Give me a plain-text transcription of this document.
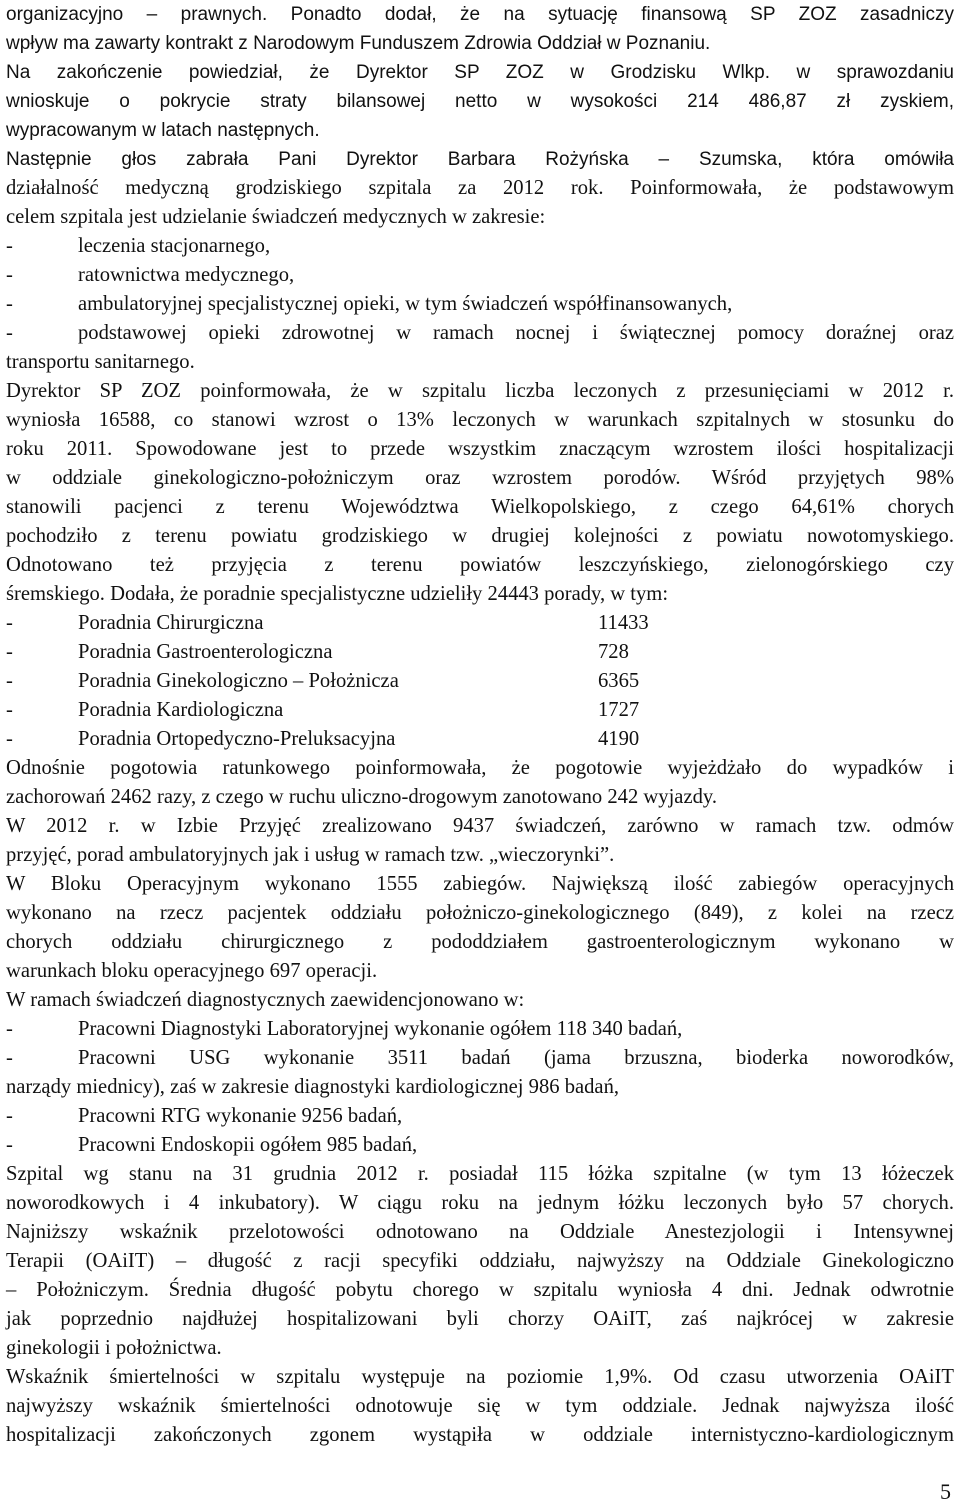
organizacyjno – prawnych. Ponadto dodał, że na sytuację finansową SP ZOZ zasadniczy
wpływ ma zawarty kontrakt z Narodowym Funduszem Zdrowia Oddział w Poznaniu.
Na zakończenie powiedział, że Dyrektor SP ZOZ w Grodzisku Wlkp. w sprawozdaniu
wnioskuje o pokrycie straty bilansowej netto w wysokości 214 486,87 zł zyskiem,
wypracowanym w latach następnych.
Następnie głos zabrała Pani Dyrektor Barbara Rożyńska – Szumska, która omówiła
działalność medyczną grodziskiego szpitala za 2012 rok. Poinformowała, że podstawowym
celem szpitala jest udzielanie świadczeń medycznych w zakresie:
-	leczenia stacjonarnego,
-	ratownictwa medycznego,
-	ambulatoryjnej specjalistycznej opieki, w tym świadczeń współfinansowanych,
-	podstawowej opieki zdrowotnej w ramach nocnej i świątecznej pomocy doraźnej oraz
transportu sanitarnego.
Dyrektor SP ZOZ poinformowała, że w szpitalu liczba leczonych z przesunięciami w 2012 r.
wyniosła 16588, co stanowi wzrost o 13% leczonych w warunkach szpitalnych w stosunku do
roku 2011. Spowodowane jest to przede wszystkim znaczącym wzrostem ilości hospitalizacji
w oddziale ginekologiczno-położniczym oraz wzrostem porodów. Wśród przyjętych 98%
stanowili pacjenci z terenu Województwa Wielkopolskiego, z czego 64,61% chorych
pochodziło z terenu powiatu grodziskiego w drugiej kolejności z powiatu nowotomyskiego.
Odnotowano też przyjęcia z terenu powiatów leszczyńskiego, zielonogórskiego czy
śremskiego. Dodała, że poradnie specjalistyczne udzieliły 24443 porady, w tym:
-	Poradnia Chirurgiczna	11433
-	Poradnia Gastroenterologiczna	728
-	Poradnia Ginekologiczno – Położnicza	6365
-	Poradnia Kardiologiczna	1727
-	Poradnia Ortopedyczno-Preluksacyjna	4190
Odnośnie pogotowia ratunkowego poinformowała, że pogotowie wyjeżdżało do wypadków i
zachorowań 2462 razy, z czego w ruchu uliczno-drogowym zanotowano 242 wyjazdy.
W 2012 r. w Izbie Przyjęć zrealizowano 9437 świadczeń, zarówno w ramach tzw. odmów
przyjęć, porad ambulatoryjnych jak i usług w ramach tzw. „wieczorynki”.
W Bloku Operacyjnym wykonano 1555 zabiegów. Największą ilość zabiegów operacyjnych
wykonano na rzecz pacjentek oddziału położniczo-ginekologicznego (849), z kolei na rzecz
chorych oddziału chirurgicznego z pododdziałem gastroenterologicznym wykonano w
warunkach bloku operacyjnego 697 operacji.
W ramach świadczeń diagnostycznych zaewidencjonowano w:
-	Pracowni Diagnostyki Laboratoryjnej wykonanie ogółem 118 340 badań,
-	Pracowni USG wykonanie 3511 badań (jama brzuszna, bioderka noworodków,
narządy miednicy), zaś w zakresie diagnostyki kardiologicznej 986 badań,
-	Pracowni RTG wykonanie 9256 badań,
-	Pracowni Endoskopii ogółem 985 badań,
Szpital wg stanu na 31 grudnia 2012 r. posiadał 115 łóżka szpitalne (w tym 13 łóżeczek
noworodkowych i 4 inkubatory). W ciągu roku na jednym łóżku leczonych było 57 chorych.
Najniższy wskaźnik przelotowości odnotowano na Oddziale Anestezjologii i Intensywnej
Terapii (OAiIT) – długość z racji specyfiki oddziału, najwyższy na Oddziale Ginekologiczno
– Położniczym. Średnia długość pobytu chorego w szpitalu wyniosła 4 dni. Jednak odwrotnie
jak poprzednio najdłużej hospitalizowani byli chorzy OAiIT, zaś najkrócej w zakresie
ginekologii i położnictwa.
Wskaźnik śmiertelności w szpitalu występuje na poziomie 1,9%. Od czasu utworzenia OAiIT
najwyższy wskaźnik śmiertelności odnotowuje się w tym oddziale. Jednak najwyższa ilość
hospitalizacji zakończonych zgonem wystąpiła w oddziale internistyczno-kardiologicznym
5
